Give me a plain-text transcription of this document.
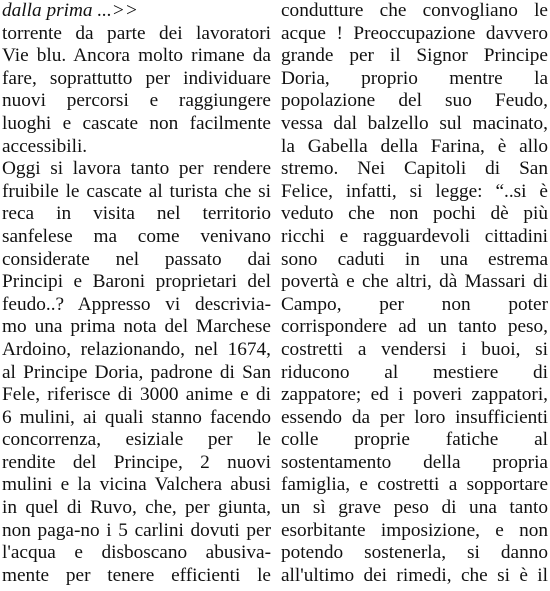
dalla prima ...>>
torrente da parte dei lavoratori
Vie blu. Ancora molto rimane da
fare, soprattutto per individuare
nuovi percorsi e raggiungere
luoghi e cascate non facilmente
accessibili.
Oggi si lavora tanto per rendere
fruibile le cascate al turista che si
reca in visita nel territorio
sanfelese ma come venivano
considerate nel passato dai
Principi e Baroni proprietari del
feudo..? Appresso vi descrivia-
mo una prima nota del Marchese
Ardoino, relazionando, nel 1674,
al Principe Doria, padrone di San
Fele, riferisce di 3000 anime e di
6 mulini, ai quali stanno facendo
concorrenza, esiziale per le
rendite del Principe, 2 nuovi
mulini e la vicina Valchera abusi
in quel di Ruvo, che, per giunta,
non paga-no i 5 carlini dovuti per
l'acqua e disboscano abusiva-
mente per tenere efficienti le
condutture che convogliano le
acque ! Preoccupazione davvero
grande per il Signor Principe
Doria, proprio mentre la
popolazione del suo Feudo,
vessa dal balzello sul macinato,
la Gabella della Farina, è allo
stremo. Nei Capitoli di San
Felice, infatti, si legge: “..si è
veduto che non pochi dè più
ricchi e ragguardevoli cittadini
sono caduti in una estrema
povertà e che altri, dà Massari di
Campo, per non poter
corrispondere ad un tanto peso,
costretti a vendersi i buoi, si
riducono al mestiere di
zappatore; ed i poveri zappatori,
essendo da per loro insufficienti
colle proprie fatiche al
sostentamento della propria
famiglia, e costretti a sopportare
un sì grave peso di una tanto
esorbitante imposizione, e non
potendo sostenerla, si danno
all'ultimo dei rimedi, che si è il
